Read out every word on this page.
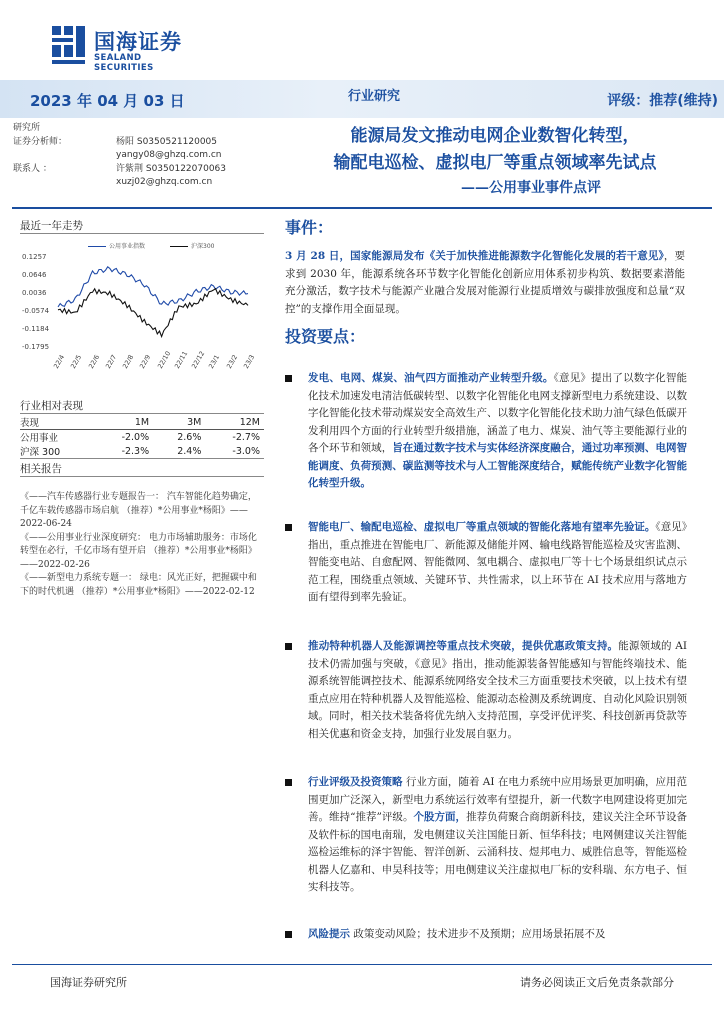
国海证券
SEALAND SECURITIES
2023 年 04 月 03 日	行业研究	评级：推荐(维持)
研究所
证券分析师：	杨阳 S0350521120005
yangy08@ghzq.com.cn
联系人 ：	许紫荆 S0350122070063
xuzj02@ghzq.com.cn
能源局发文推动电网企业数智化转型，
输配电巡检、虚拟电厂等重点领域率先试点
——公用事业事件点评
最近一年走势
公用事业指数	沪深300
0.1257
0.0646
0.0036
-0.0574
-0.1184
-0.1795
22/4 22/5 22/6 22/7 22/8 22/9 22/10 22/11 22/12 23/1 23/2 23/3
行业相对表现
表现	1M	3M	12M
公用事业	-2.0%	2.6%	-2.7%
沪深 300	-2.3%	2.4%	-3.0%
相关报告

《——汽车传感器行业专题报告一： 汽车智能化趋势确定，千亿车载传感器市场启航 （推荐）*公用事业*杨阳》——2022-06-24

《——公用事业行业深度研究： 电力市场辅助服务：市场化转型在必行，千亿市场有望开启 （推荐）*公用事业*杨阳》——2022-02-26

《——新型电力系统专题一： 绿电：风光正好，把握碳中和下的时代机遇 （推荐）*公用事业*杨阳》——2022-02-12

事件：
3 月 28 日，国家能源局发布《关于加快推进能源数字化智能化发展的若干意见》，要求到 2030 年，能源系统各环节数字化智能化创新应用体系初步构筑、数据要素潜能充分激活，数字技术与能源产业融合发展对能源行业提质增效与碳排放强度和总量“双控”的支撑作用全面显现。
投资要点：
发电、电网、煤炭、油气四方面推动产业转型升级。《意见》提出了以数字化智能化技术加速发电清洁低碳转型、以数字化智能化电网支撑新型电力系统建设、以数字化智能化技术带动煤炭安全高效生产、以数字化智能化技术助力油气绿色低碳开发利用四个方面的行业转型升级措施，涵盖了电力、煤炭、油气等主要能源行业的各个环节和领域，旨在通过数字技术与实体经济深度融合，通过功率预测、电网智能调度、负荷预测、碳监测等技术与人工智能深度结合，赋能传统产业数字化智能化转型升级。
智能电厂、输配电巡检、虚拟电厂等重点领域的智能化落地有望率先验证。《意见》指出，重点推进在智能电厂、新能源及储能并网、输电线路智能巡检及灾害监测、智能变电站、自愈配网、智能微网、氢电耦合、虚拟电厂等十七个场景组织试点示范工程，围绕重点领域、关键环节、共性需求，以上环节在 AI 技术应用与落地方面有望得到率先验证。
推动特种机器人及能源调控等重点技术突破，提供优惠政策支持。能源领域的 AI 技术仍需加强与突破，《意见》指出，推动能源装备智能感知与智能终端技术、能源系统智能调控技术、能源系统网络安全技术三方面重要技术突破，以上技术有望重点应用在特种机器人及智能巡检、能源动态检测及系统调度、自动化风险识别领域。同时，相关技术装备将优先纳入支持范围，享受评优评奖、科技创新再贷款等相关优惠和资金支持，加强行业发展自驱力。
行业评级及投资策略 行业方面，随着 AI 在电力系统中应用场景更加明确，应用范围更加广泛深入，新型电力系统运行效率有望提升，新一代数字电网建设将更加完善。维持“推荐”评级。个股方面，推荐负荷聚合商朗新科技，建议关注全环节设备及软件标的国电南瑞，发电侧建议关注国能日新、恒华科技；电网侧建议关注智能巡检运维标的泽宇智能、智洋创新、云涌科技、煜邦电力、威胜信息等，智能巡检机器人亿嘉和、申昊科技等；用电侧建议关注虚拟电厂标的安科瑞、东方电子、恒实科技等。
风险提示 政策变动风险；技术进步不及预期；应用场景拓展不及
国海证券研究所	请务必阅读正文后免责条款部分
